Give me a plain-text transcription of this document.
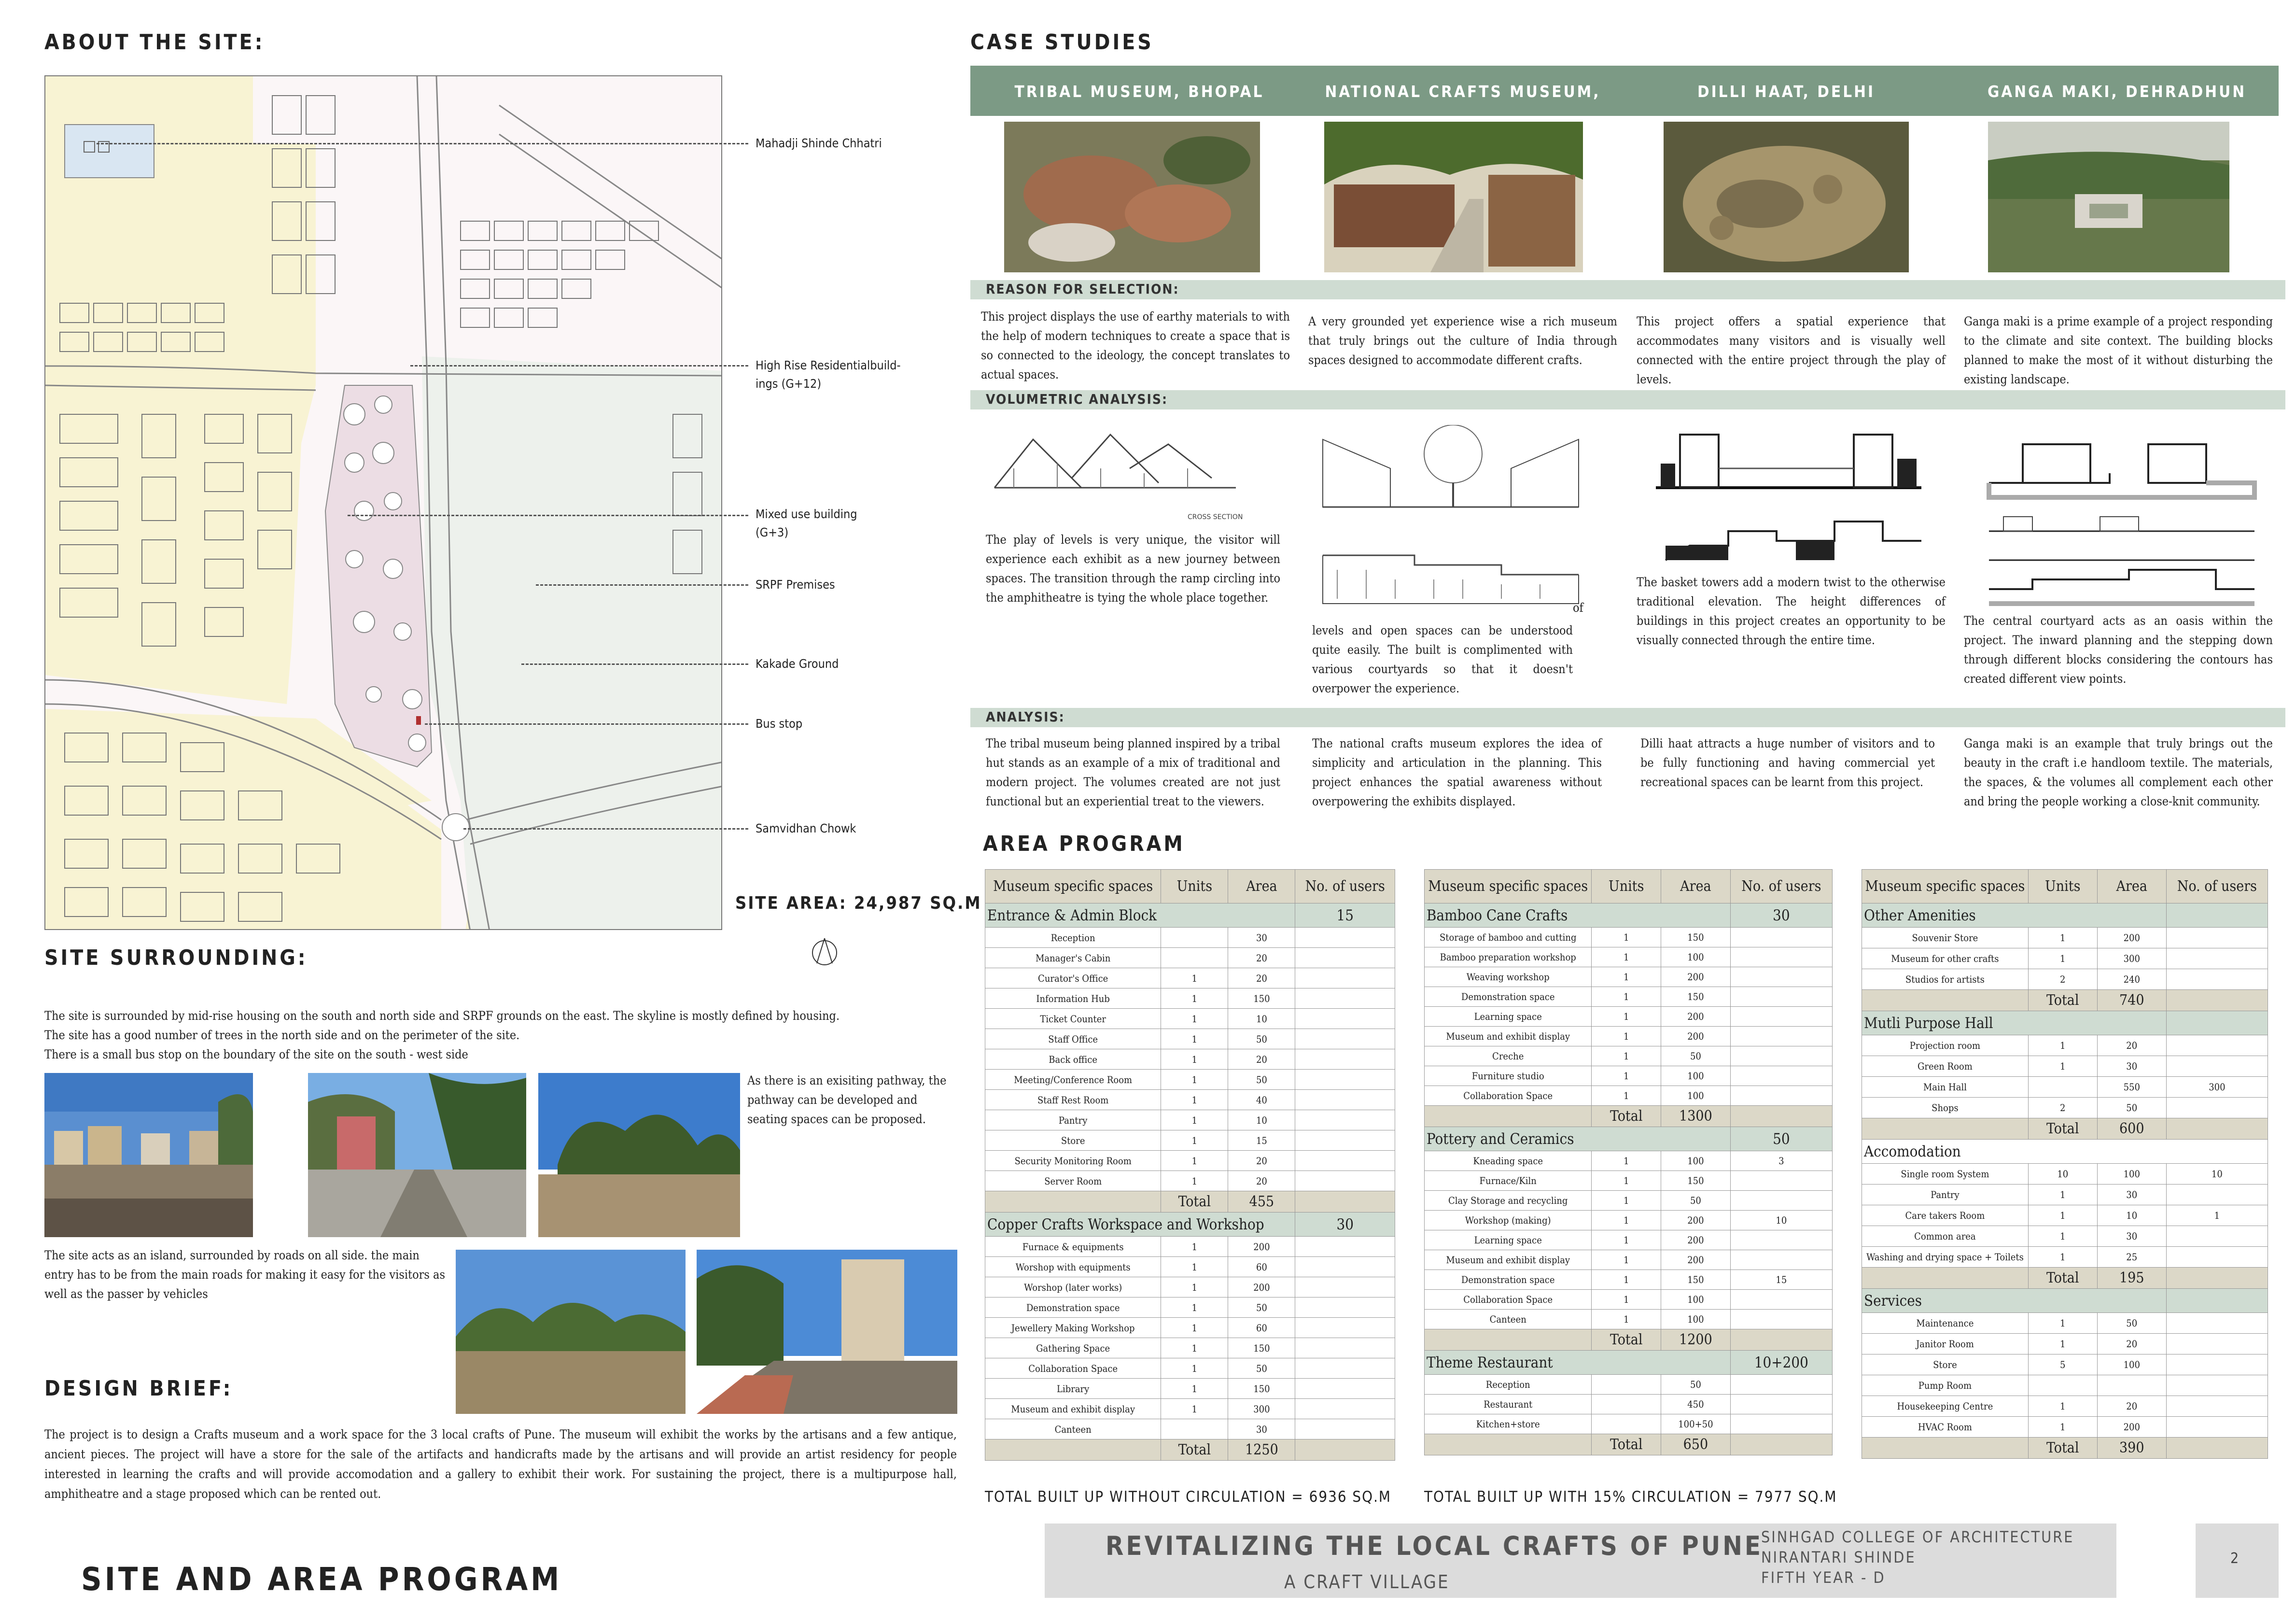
ABOUT THE SITE:
Mahadji Shinde Chhatri
High Rise Residentialbuild-
ings (G+12)
Mixed use building
(G+3)
SRPF Premises
Kakade Ground
Bus stop
Samvidhan Chowk
SITE AREA: 24,987 SQ.M
SITE SURROUNDING:
The site is surrounded by mid-rise housing on the south and north side and SRPF grounds on the east. The skyline is mostly defined by housing.
The site has a good number of trees in the north side and on the perimeter of the site.
There is a small bus stop on the boundary of the site on the south - west side
As there is an exisiting pathway, the pathway can be developed and seating spaces can be proposed.
The site acts as an island, surrounded by roads on all side. the main entry has to be from the main roads for making it easy for the visitors as well as the passer by vehicles
DESIGN BRIEF:
The project is to design a Crafts museum and a work space for the 3 local crafts of Pune. The museum will exhibit the works by the artisans and a few antique, ancient pieces. The project will have a store for the sale of the artifacts and handicrafts made by the artisans and will provide an artist residency for people interested in learning the crafts and will provide accomodation and a gallery to exhibit their work. For sustaining the project, there is a multipurpose hall, amphitheatre and a stage proposed which can be rented out.
SITE AND AREA PROGRAM
CASE STUDIES
TRIBAL MUSEUM, BHOPAL	NATIONAL CRAFTS MUSEUM,	DILLI HAAT, DELHI	GANGA MAKI, DEHRADHUN
REASON FOR SELECTION:
This project displays the use of earthy materials to with the help of modern techniques to create a space that is so connected to the ideology, the concept translates to actual spaces.
A very grounded yet experience wise a rich museum that truly brings out the culture of India through spaces designed to accommodate different crafts.
This project offers a spatial experience that accommodates many visitors and is visually well connected with the entire project through the play of levels.
Ganga maki is a prime example of a project responding to the climate and site context. The building blocks planned to make the most of it without disturbing the existing landscape.
VOLUMETRIC ANALYSIS:
CROSS SECTION
The play of levels is very unique, the visitor will experience each exhibit as a new journey between spaces. The transition through the ramp circling into the amphitheatre is tying the whole place together.
of
levels and open spaces can be understood quite easily. The built is complimented with various courtyards so that it doesn't overpower the experience.
The basket towers add a modern twist to the otherwise traditional elevation. The height differences of buildings in this project creates an opportunity to be visually connected through the entire time.
The central courtyard acts as an oasis within the project. The inward planning and the stepping down through different blocks considering the contours has created different view points.
ANALYSIS:
The tribal museum being planned inspired by a tribal hut stands as an example of a mix of traditional and modern project. The volumes created are not just functional but an experiential treat to the viewers.
The national crafts museum explores the idea of simplicity and articulation in the planning. This project enhances the spatial awareness without overpowering the exhibits displayed.
Dilli haat attracts a huge number of visitors and to be fully functioning and having commercial yet recreational spaces can be learnt from this project.
Ganga maki is an example that truly brings out the beauty in the craft i.e handloom textile. The materials, the spaces, & the volumes all complement each other and bring the people working a close-knit community.
AREA PROGRAM
Museum specific spaces	Units	Area	No. of users
Entrance & Admin Block			15
Reception		30	
Manager's Cabin		20	
Curator's Office	1	20	
Information Hub	1	150	
Ticket Counter	1	10	
Staff Office	1	50	
Back office	1	20	
Meeting/Conference Room	1	50	
Staff Rest Room	1	40	
Pantry	1	10	
Store	1	15	
Security Monitoring Room	1	20	
Server Room	1	20	
	Total	455	
Copper Crafts Workspace and Workshop			30
Furnace & equipments	1	200	
Worshop with equipments	1	60	
Worshop (later works)	1	200	
Demonstration space	1	50	
Jewellery Making Workshop	1	60	
Gathering Space	1	150	
Collaboration Space	1	50	
Library	1	150	
Museum and exhibit display	1	300	
Canteen		30	
	Total	1250	
Museum specific spaces	Units	Area	No. of users
Bamboo Cane Crafts			30
Storage of bamboo and cutting	1	150	
Bamboo preparation workshop	1	100	
Weaving workshop	1	200	
Demonstration space	1	150	
Learning space	1	200	
Museum and exhibit display	1	200	
Creche	1	50	
Furniture studio	1	100	
Collaboration Space	1	100	
	Total	1300	
Pottery and Ceramics			50
Kneading space	1	100	3
Furnace/Kiln	1	150	
Clay Storage and recycling	1	50	
Workshop (making)	1	200	10
Learning space	1	200	
Museum and exhibit display	1	200	
Demonstration space	1	150	15
Collaboration Space	1	100	
Canteen	1	100	
	Total	1200	
Theme Restaurant			10+200
Reception		50	
Restaurant		450	
Kitchen+store		100+50	
	Total	650	
Museum specific spaces	Units	Area	No. of users
Other Amenities			
Souvenir Store	1	200	
Museum for other crafts	1	300	
Studios for artists	2	240	
	Total	740	
Mutli Purpose Hall			
Projection room	1	20	
Green Room	1	30	
Main Hall		550	300
Shops	2	50	
	Total	600	
Accomodation			
Single room System	10	100	10
Pantry	1	30	
Care takers Room	1	10	1
Common area	1	30	
Washing and drying space + Toilets	1	25	
	Total	195	
Services			
Maintenance	1	50	
Janitor Room	1	20	
Store	5	100	
Pump Room			
Housekeeping Centre	1	20	
HVAC Room	1	200	
	Total	390	
TOTAL BUILT UP WITHOUT CIRCULATION = 6936 SQ.M TOTAL BUILT UP WITH 15% CIRCULATION = 7977 SQ.M
REVITALIZING THE LOCAL CRAFTS OF PUNE
A CRAFT VILLAGE
SINHGAD COLLEGE OF ARCHITECTURE
NIRANTARI SHINDE
FIFTH YEAR - D
2
